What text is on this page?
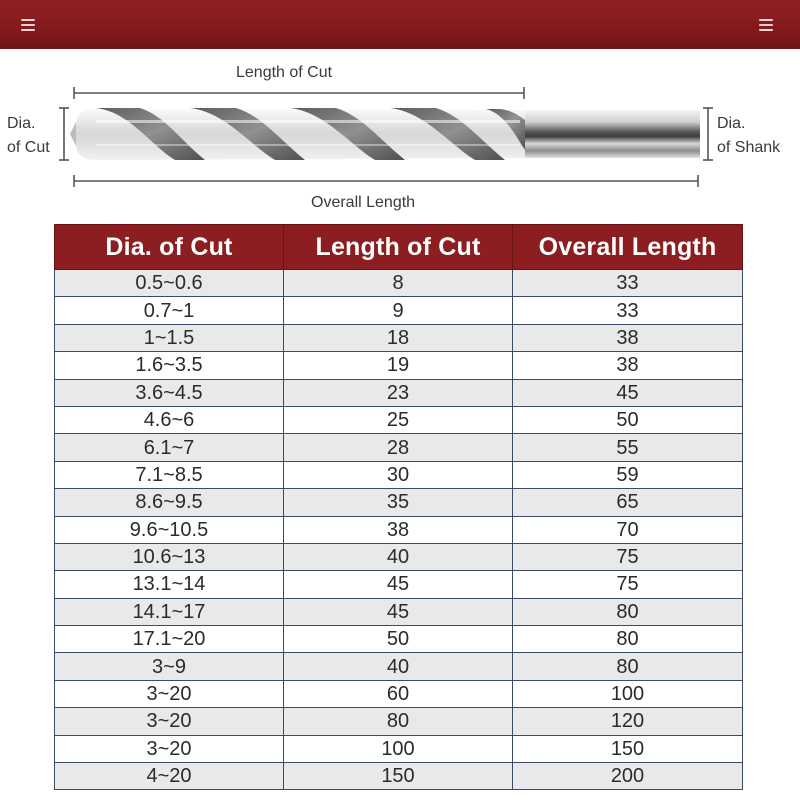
Length of Cut
Overall Length
Dia.
of Cut
Dia.
of Shank
Dia. of Cut	Length of Cut	Overall Length
0.5~0.6	8	33
0.7~1	9	33
1~1.5	18	38
1.6~3.5	19	38
3.6~4.5	23	45
4.6~6	25	50
6.1~7	28	55
7.1~8.5	30	59
8.6~9.5	35	65
9.6~10.5	38	70
10.6~13	40	75
13.1~14	45	75
14.1~17	45	80
17.1~20	50	80
3~9	40	80
3~20	60	100
3~20	80	120
3~20	100	150
4~20	150	200
